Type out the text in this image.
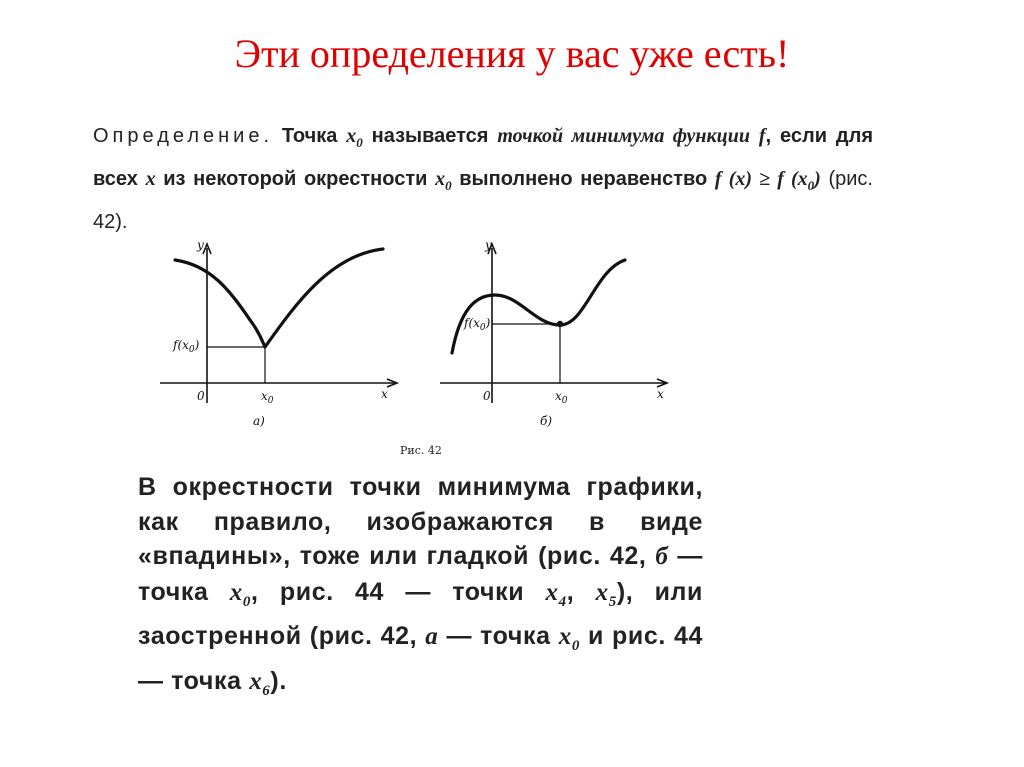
Эти определения у вас уже есть!
Определение. Точка $x_0$ называется точкой минимума функции f, если для всех x из некоторой окрестности $x_0$ выполнено неравенство f (x) ≥ f $(x_0)$ (рис. 42).
y
$f(x_0)$
0	$x_0$	x
а)
y
$f(x_0)$
0	$x_0$	x
б)
Рис. 42
В окрестности точки минимума графики, как правило, изображаются в виде «впадины», тоже или гладкой (рис. 42, б — точка $x_0$, рис. 44 — точки $x_4$, $x_5$), или заостренной (рис. 42, а — точка $x_0$ и рис. 44— точка $x_6$).
